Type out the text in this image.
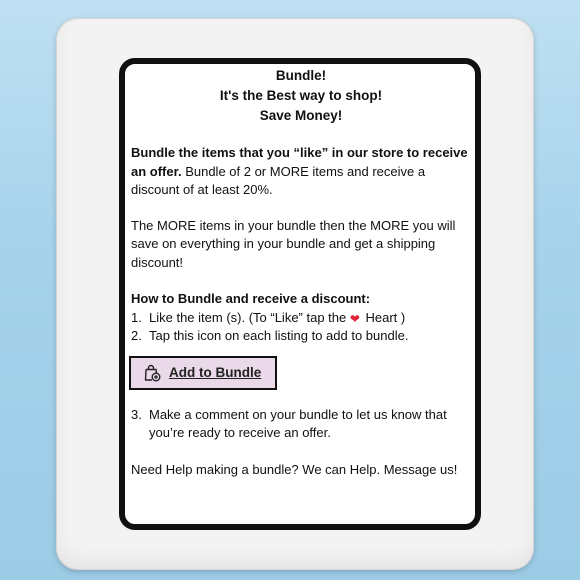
Bundle!
It's the Best way to shop!
Save Money!

Bundle the items that you “like” in our store to receive an offer. Bundle of 2 or MORE items and receive a discount of at least 20%.

The MORE items in your bundle then the MORE you will save on everything in your bundle and get a shipping discount!

How to Bundle and receive a discount:
1. Like the item (s). (To “Like” tap the ❤ Heart )
2. Tap this icon on each listing to add to bundle.
Add to Bundle
3. Make a comment on your bundle to let us know that you’re ready to receive an offer.

Need Help making a bundle? We can Help. Message us!
